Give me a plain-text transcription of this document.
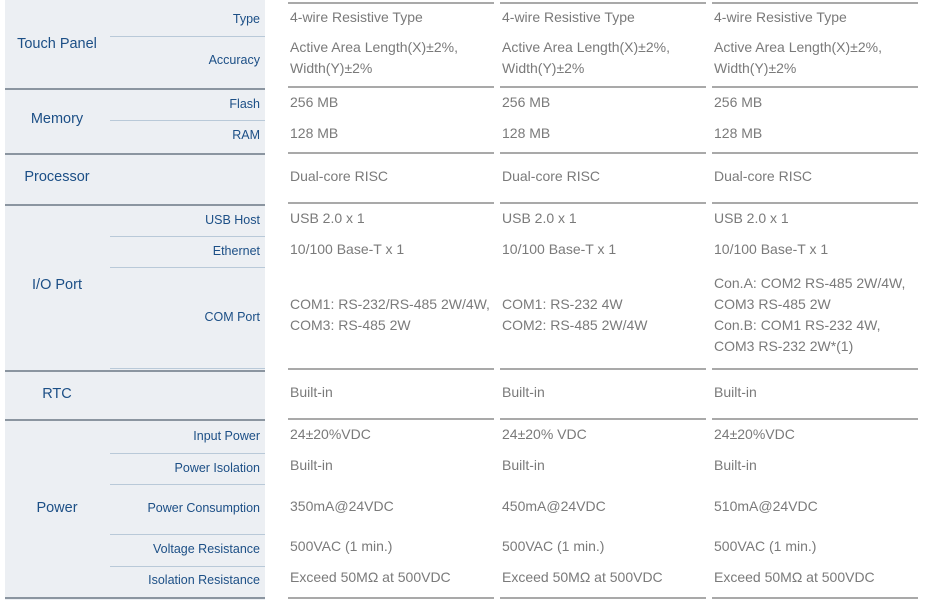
Touch Panel
Type
Accuracy
Memory
Flash
RAM
Processor
I/O Port
USB Host
Ethernet
COM Port
RTC
Power
Input Power
Power Isolation
Power Consumption
Voltage Resistance
Isolation Resistance
4-wire Resistive Type
Active Area Length(X)±2%,
Width(Y)±2%
256 MB
128 MB
Dual-core RISC
USB 2.0 x 1
10/100 Base-T x 1
COM1: RS-232/RS-485 2W/4W,
COM3: RS-485 2W
Built-in
24±20%VDC
Built-in
350mA@24VDC
500VAC (1 min.)
Exceed 50MΩ at 500VDC
4-wire Resistive Type
Active Area Length(X)±2%,
Width(Y)±2%
256 MB
128 MB
Dual-core RISC
USB 2.0 x 1
10/100 Base-T x 1
COM1: RS-232 4W
COM2: RS-485 2W/4W
Built-in
24±20% VDC
Built-in
450mA@24VDC
500VAC (1 min.)
Exceed 50MΩ at 500VDC
4-wire Resistive Type
Active Area Length(X)±2%,
Width(Y)±2%
256 MB
128 MB
Dual-core RISC
USB 2.0 x 1
10/100 Base-T x 1
Con.A: COM2 RS-485 2W/4W,
COM3 RS-485 2W
Con.B: COM1 RS-232 4W,
COM3 RS-232 2W*(1)
Built-in
24±20%VDC
Built-in
510mA@24VDC
500VAC (1 min.)
Exceed 50MΩ at 500VDC
